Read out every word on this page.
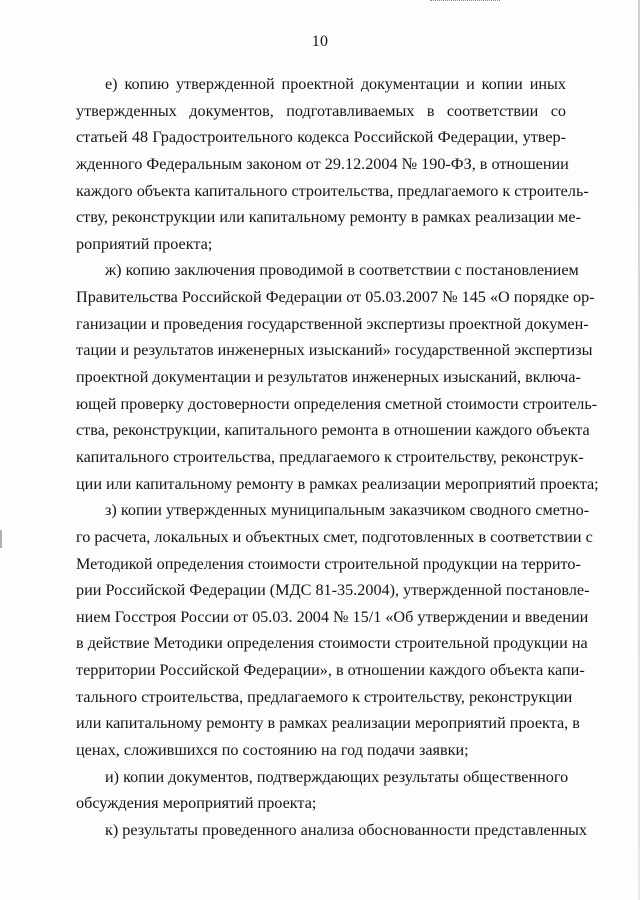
10
е) копию утвержденной проектной документации и копии иных
утвержденных документов, подготавливаемых в соответствии со
статьей 48 Градостроительного кодекса Российской Федерации, утвер-
жденного Федеральным законом от 29.12.2004 № 190-ФЗ, в отношении
каждого объекта капитального строительства, предлагаемого к строитель-
ству, реконструкции или капитальному ремонту в рамках реализации ме-
роприятий проекта;
ж) копию заключения проводимой в соответствии с постановлением
Правительства Российской Федерации от 05.03.2007 № 145 «О порядке ор-
ганизации и проведения государственной экспертизы проектной докумен-
тации и результатов инженерных изысканий» государственной экспертизы
проектной документации и результатов инженерных изысканий, включа-
ющей проверку достоверности определения сметной стоимости строитель-
ства, реконструкции, капитального ремонта в отношении каждого объекта
капитального строительства, предлагаемого к строительству, реконструк-
ции или капитальному ремонту в рамках реализации мероприятий проекта;
з) копии утвержденных муниципальным заказчиком сводного сметно-
го расчета, локальных и объектных смет, подготовленных в соответствии с
Методикой определения стоимости строительной продукции на террито-
рии Российской Федерации (МДС 81-35.2004), утвержденной постановле-
нием Госстроя России от 05.03. 2004 № 15/1 «Об утверждении и введении
в действие Методики определения стоимости строительной продукции на
территории Российской Федерации», в отношении каждого объекта капи-
тального строительства, предлагаемого к строительству, реконструкции
или капитальному ремонту в рамках реализации мероприятий проекта, в
ценах, сложившихся по состоянию на год подачи заявки;
и) копии документов, подтверждающих результаты общественного
обсуждения мероприятий проекта;
к) результаты проведенного анализа обоснованности представленных
